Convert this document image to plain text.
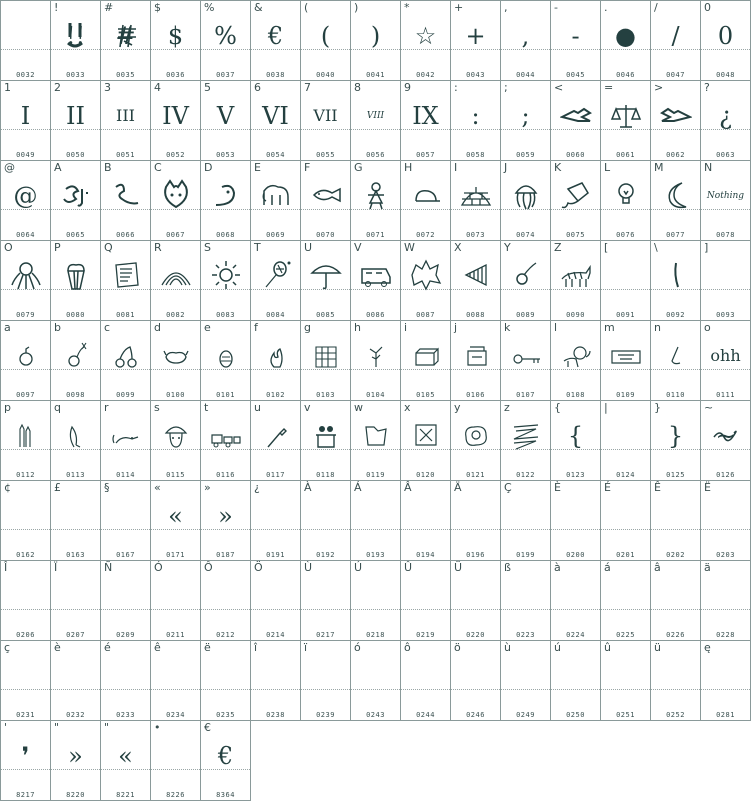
0032
!
!!
0033
#
#
0035
$
$
0036
%
%
0037
&
€
0038
(
(
0040
)
)
0041
*
☆
0042
+
+
0043
,
,
0044
-
-
0045
.
●
0046
/
/
0047
0
0
0048
1
I
0049
2
II
0050
3
III
0051
4
IV
0052
5
V
0053
6
VI
0054
7
VII
0055
8
VIII
0056
9
IX
0057
:
:
0058
;
;
0059
<
0060
=
0061
>
0062
?
¿
0063
@
@
0064
A
0065
B
0066
C
0067
D
0068
E
0069
F
0070
G
0071
H
0072
I
0073
J
0074
K
0075
L
0076
M
0077
N
Nothing
0078
O
0079
P
0080
Q
0081
R
0082
S
0083
T
0084
U
0085
V
0086
W
0087
X
0088
Y
0089
Z
0090
[
0091
\
0092
]
0093
a
0097
b
0098
c
0099
d
0100
e
0101
f
0102
g
0103
h
0104
i
0105
j
0106
k
0107
l
0108
m
0109
n
0110
o
ohh
0111
p
0112
q
0113
r
0114
s
0115
t
0116
u
0117
v
0118
w
0119
x
0120
y
0121
z
0122
{
{
0123
|
0124
}
}
0125
~
~
0126
¢
0162
£
0163
§
0167
«
«
0171
»
»
0187
¿
0191
À
0192
Á
0193
Â
0194
Ä
0196
Ç
0199
È
0200
É
0201
Ê
0202
Ë
0203
Î
0206
Ï
0207
Ñ
0209
Ó
0211
Ô
0212
Ö
0214
Ù
0217
Ú
0218
Û
0219
Ü
0220
ß
0223
à
0224
á
0225
â
0226
ä
0228
ç
0231
è
0232
é
0233
ê
0234
ë
0235
î
0238
ï
0239
ó
0243
ô
0244
ö
0246
ù
0249
ú
0250
û
0251
ü
0252
ę
0281
'
❜
8217
"
»
8220
"
«
8221
•
8226
€
€
8364
